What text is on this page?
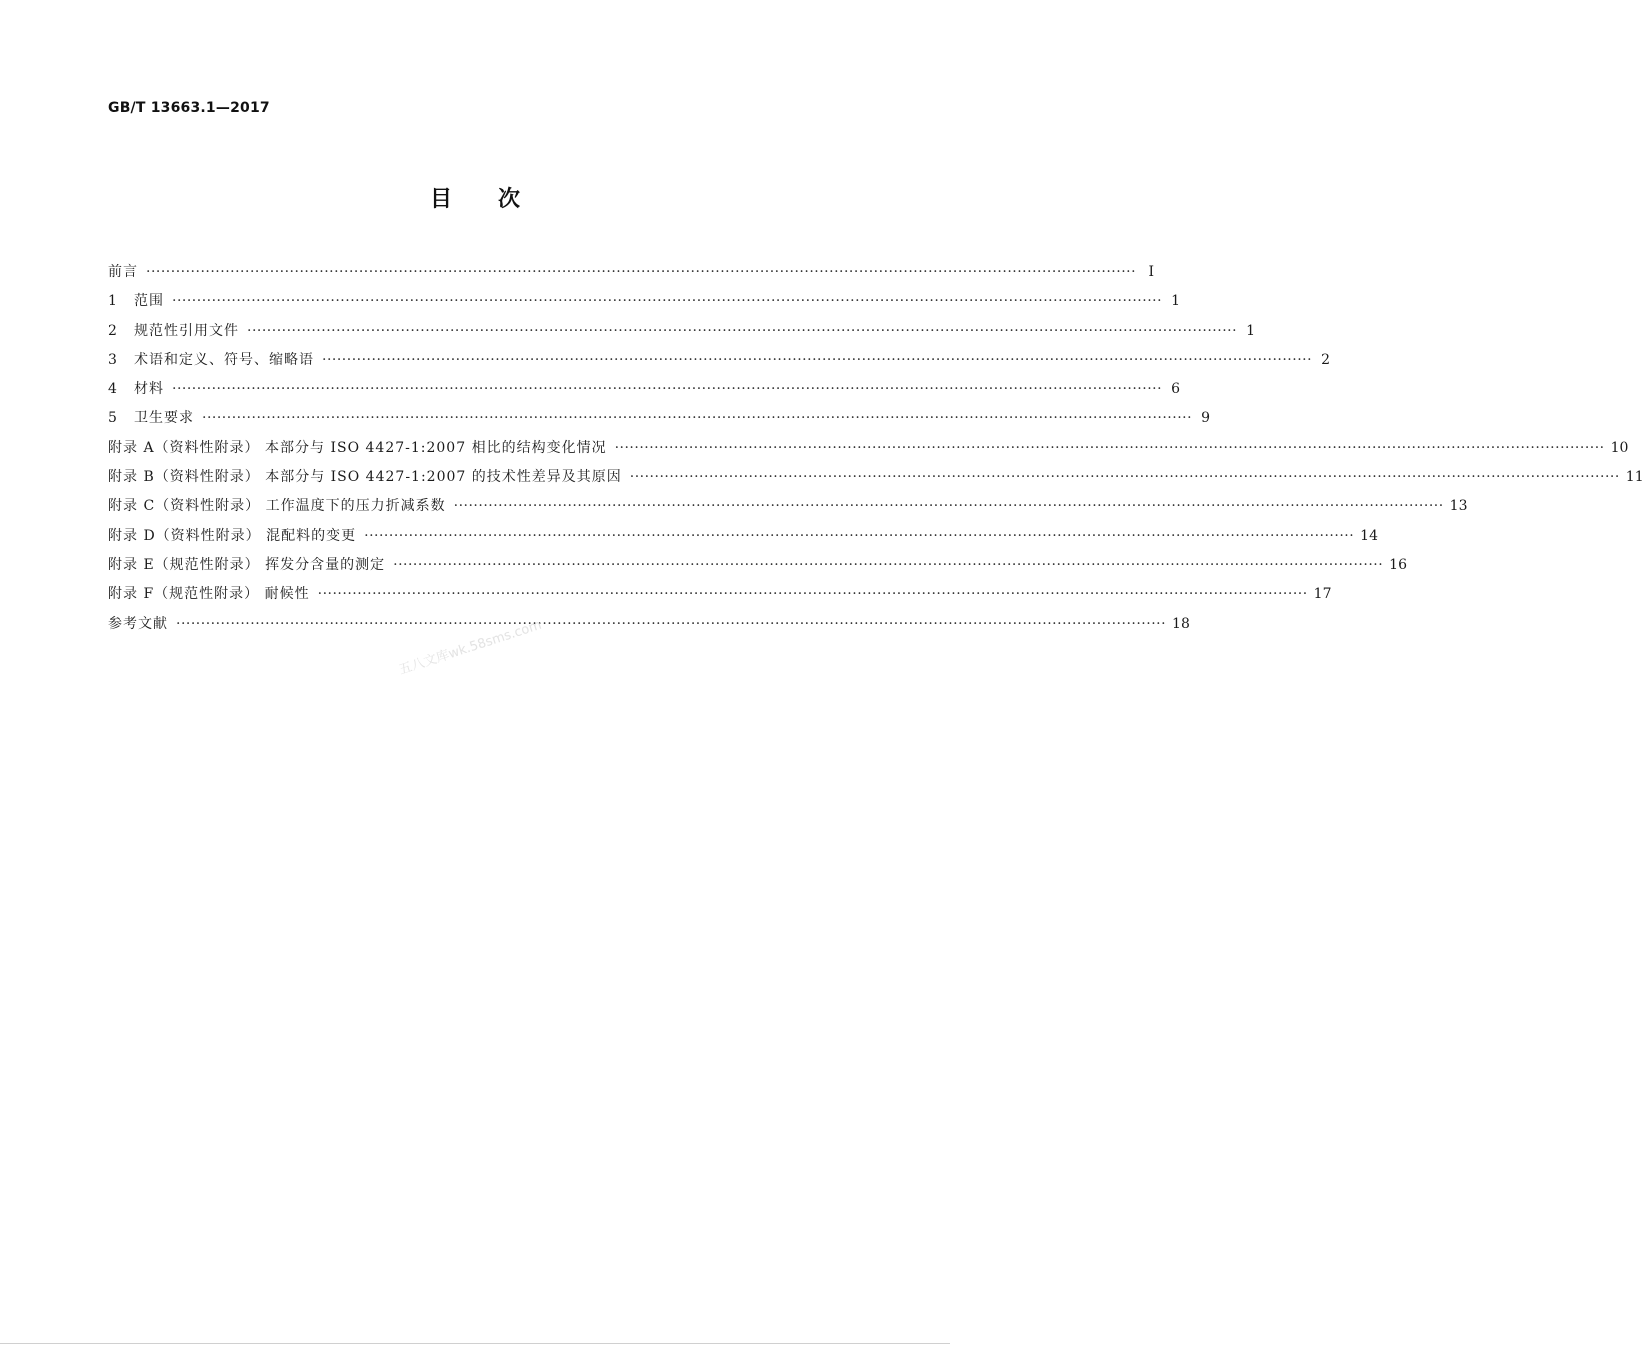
GB/T 13663.1—2017
目次
前言 ········································································································································································································ Ⅰ
1	范围 ········································································································································································································ 1
2	规范性引用文件 ········································································································································································································ 1
3	术语和定义、符号、缩略语 ········································································································································································································ 2
4	材料 ········································································································································································································ 6
5	卫生要求 ········································································································································································································ 9
附录 A（资料性附录） 本部分与 ISO 4427-1:2007 相比的结构变化情况 ········································································································································································································ 10
附录 B（资料性附录） 本部分与 ISO 4427-1:2007 的技术性差异及其原因 ········································································································································································································ 11
附录 C（资料性附录） 工作温度下的压力折减系数 ········································································································································································································ 13
附录 D（资料性附录） 混配料的变更 ········································································································································································································ 14
附录 E（规范性附录） 挥发分含量的测定 ········································································································································································································ 16
附录 F（规范性附录） 耐候性 ········································································································································································································ 17
参考文献 ········································································································································································································ 18
五八文库wk.58sms.com
